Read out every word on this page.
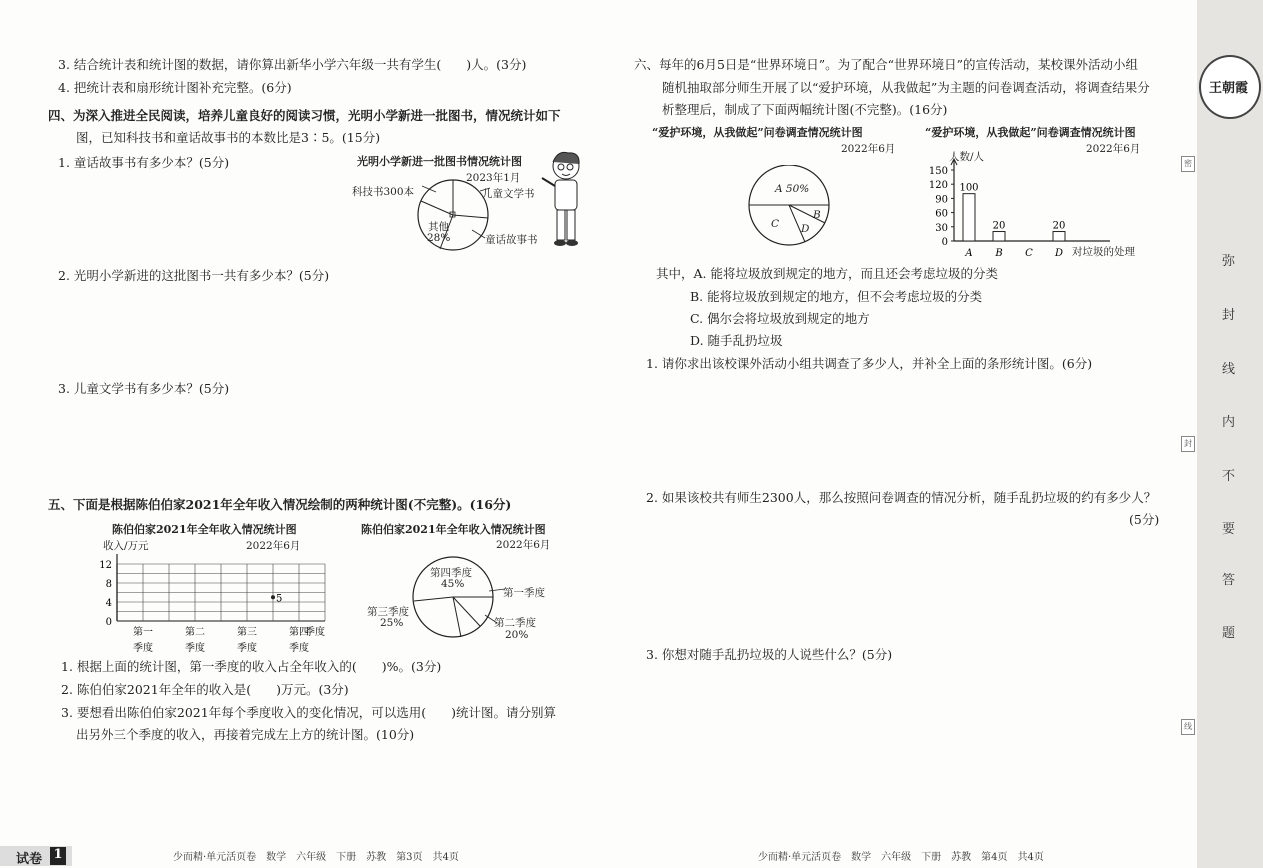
3. 结合统计表和统计图的数据，请你算出新华小学六年级一共有学生(　　)人。(3分)
4. 把统计表和扇形统计图补充完整。(6分)
四、为深入推进全民阅读，培养儿童良好的阅读习惯，光明小学新进一批图书，情况统计如下
图，已知科技书和童话故事书的本数比是3∶5。(15分)
1. 童话故事书有多少本？(5分)	光明小学新进一批图书情况统计图
2023年1月
科技书300本	儿童文学书
其他
28%	童话故事书
2. 光明小学新进的这批图书一共有多少本？(5分)
3. 儿童文学书有多少本？(5分)
五、下面是根据陈伯伯家2021年全年收入情况绘制的两种统计图(不完整)。(16分)
陈伯伯家2021年全年收入情况统计图
收入/万元	2022年6月
12
8
4
0
第一	第二	第三	第四
季度
季度	季度	季度	季度
5
陈伯伯家2021年全年收入情况统计图
2022年6月
第四季度
45%
第一季度
第三季度
25%	第二季度
20%
1. 根据上面的统计图，第一季度的收入占全年收入的(　　)%。(3分)
2. 陈伯伯家2021年全年的收入是(　　)万元。(3分)
3. 要想看出陈伯伯家2021年每个季度收入的变化情况，可以选用(　　)统计图。请分别算
出另外三个季度的收入，再接着完成左上方的统计图。(10分)
试卷 1	少而精·单元活页卷　数学　六年级　下册　苏教　第3页　共4页
六、每年的6月5日是“世界环境日”。为了配合“世界环境日”的宣传活动，某校课外活动小组
随机抽取部分师生开展了以“爱护环境，从我做起”为主题的问卷调查活动，将调查结果分
析整理后，制成了下面两幅统计图(不完整)。(16分)
“爱护环境，从我做起”问卷调查情况统计图
2022年6月
A 50%
C
B
D
“爱护环境，从我做起”问卷调查情况统计图
2022年6月
人数/人
150
120
90
60
30
0
A
100
B
20
C D
20
对垃圾的处理
其中，A. 能将垃圾放到规定的地方，而且还会考虑垃圾的分类
B. 能将垃圾放到规定的地方，但不会考虑垃圾的分类
C. 偶尔会将垃圾放到规定的地方
D. 随手乱扔垃圾
1. 请你求出该校课外活动小组共调查了多少人，并补全上面的条形统计图。(6分)
2. 如果该校共有师生2300人，那么按照问卷调查的情况分析，随手乱扔垃圾的约有多少人？
(5分)
3. 你想对随手乱扔垃圾的人说些什么？(5分)
少而精·单元活页卷　数学　六年级　下册　苏教　第4页　共4页
王朝霞
密
封
线
弥
封
线
内
不
要
答
题
